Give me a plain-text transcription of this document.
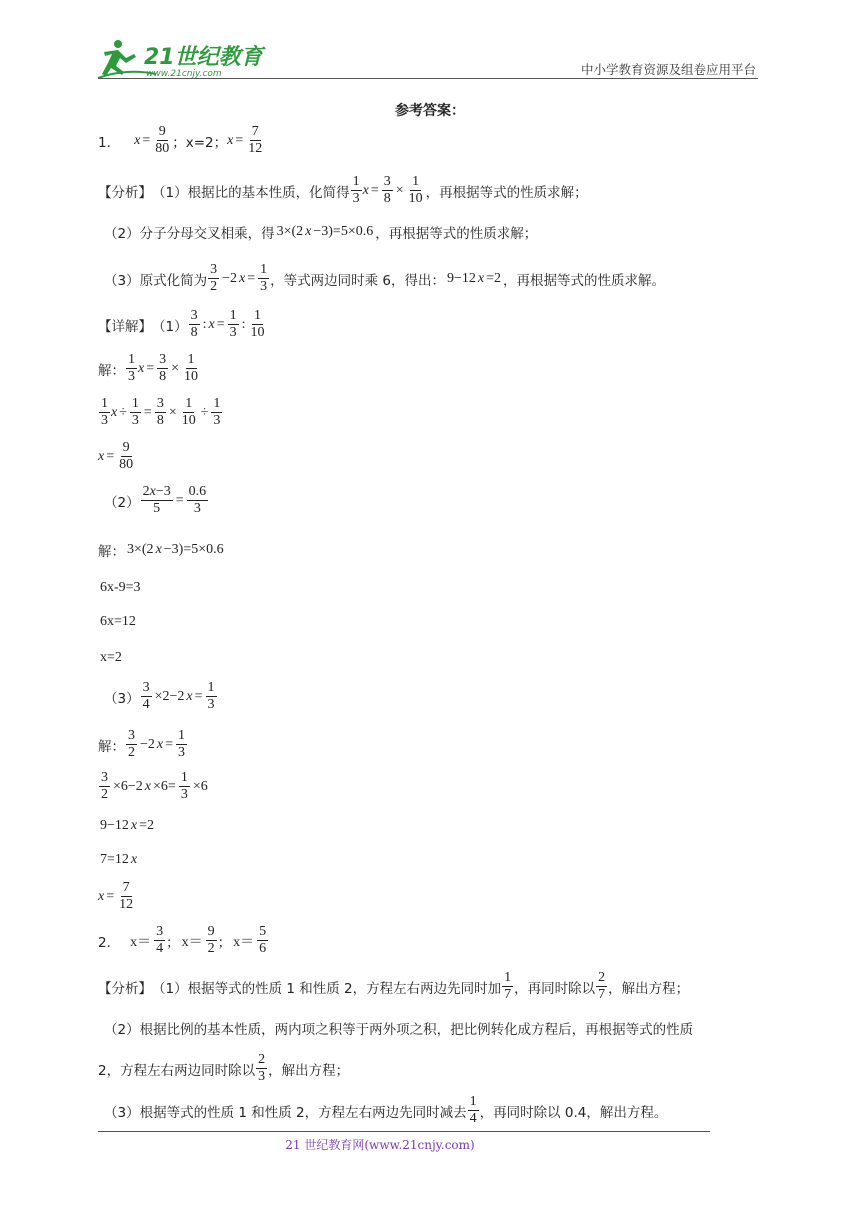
21世纪教育
www.21cnjy.com	中小学教育资源及组卷应用平台
参考答案：
1． $x = \frac{9}{80}$ ； x=2； $x = \frac{7}{12}$
【分析】 （1）根据比的基本性质，化简得 $\frac{1}{3}$ $x = \frac{3}{8} \times \frac{1}{10}$ ，再根据等式的性质求解；
（2）分子分母交叉相乘，得 3×(2 x −3)=5×0.6 ，再根据等式的性质求解；
（3）原式化简为 $\frac{3}{2} -2$ $x = \frac{1}{3}$ ，等式两边同时乘 6，得出： 9−12 x =2 ，再根据等式的性质求解。
【详解】 $(1) \frac{3}{8}$ : $x = \frac{1}{3}$ : $\frac{1}{10}$
解： $\frac{1}{3}$ $x = \frac{3}{8} \times \frac{1}{10}$
$\frac{1}{3}$ $x \div \frac{1}{3} = \frac{3}{8} \times \frac{1}{10} \div \frac{1}{3}$
$x = \frac{9}{80}$
$(2) \frac{2x-3}{5} = \frac{0.6}{3}$
解： 3×(2 x −3)=5×0.6
6x-9=3
6x=12
x=2
$(3) \frac{3}{4} \times 2-2$ $x = \frac{1}{3}$
解： $\frac{3}{2} -2$ $x = \frac{1}{3}$
$\frac{3}{2} \times 6-2$ $x \times 6= \frac{1}{3} \times 6$
9−12 x =2
7=12 x
$x = \frac{7}{12}$
2． $x= \frac{3}{4}$ ； $x= \frac{9}{2}$ ； $x= \frac{5}{6}$
【分析】 （1）根据等式的性质 1 和性质 2，方程左右两边先同时加 $\frac{1}{7}$ ，再同时除以 $\frac{2}{7}$ ，解出方程；
（2）根据比例的基本性质，两内项之积等于两外项之积，把比例转化成方程后，再根据等式的性质
2，方程左右两边同时除以 $\frac{2}{3}$ ，解出方程；
（3）根据等式的性质 1 和性质 2，方程左右两边先同时减去 $\frac{1}{4}$ ，再同时除以 0.4，解出方程。
21 世纪教育网(www.21cnjy.com)
